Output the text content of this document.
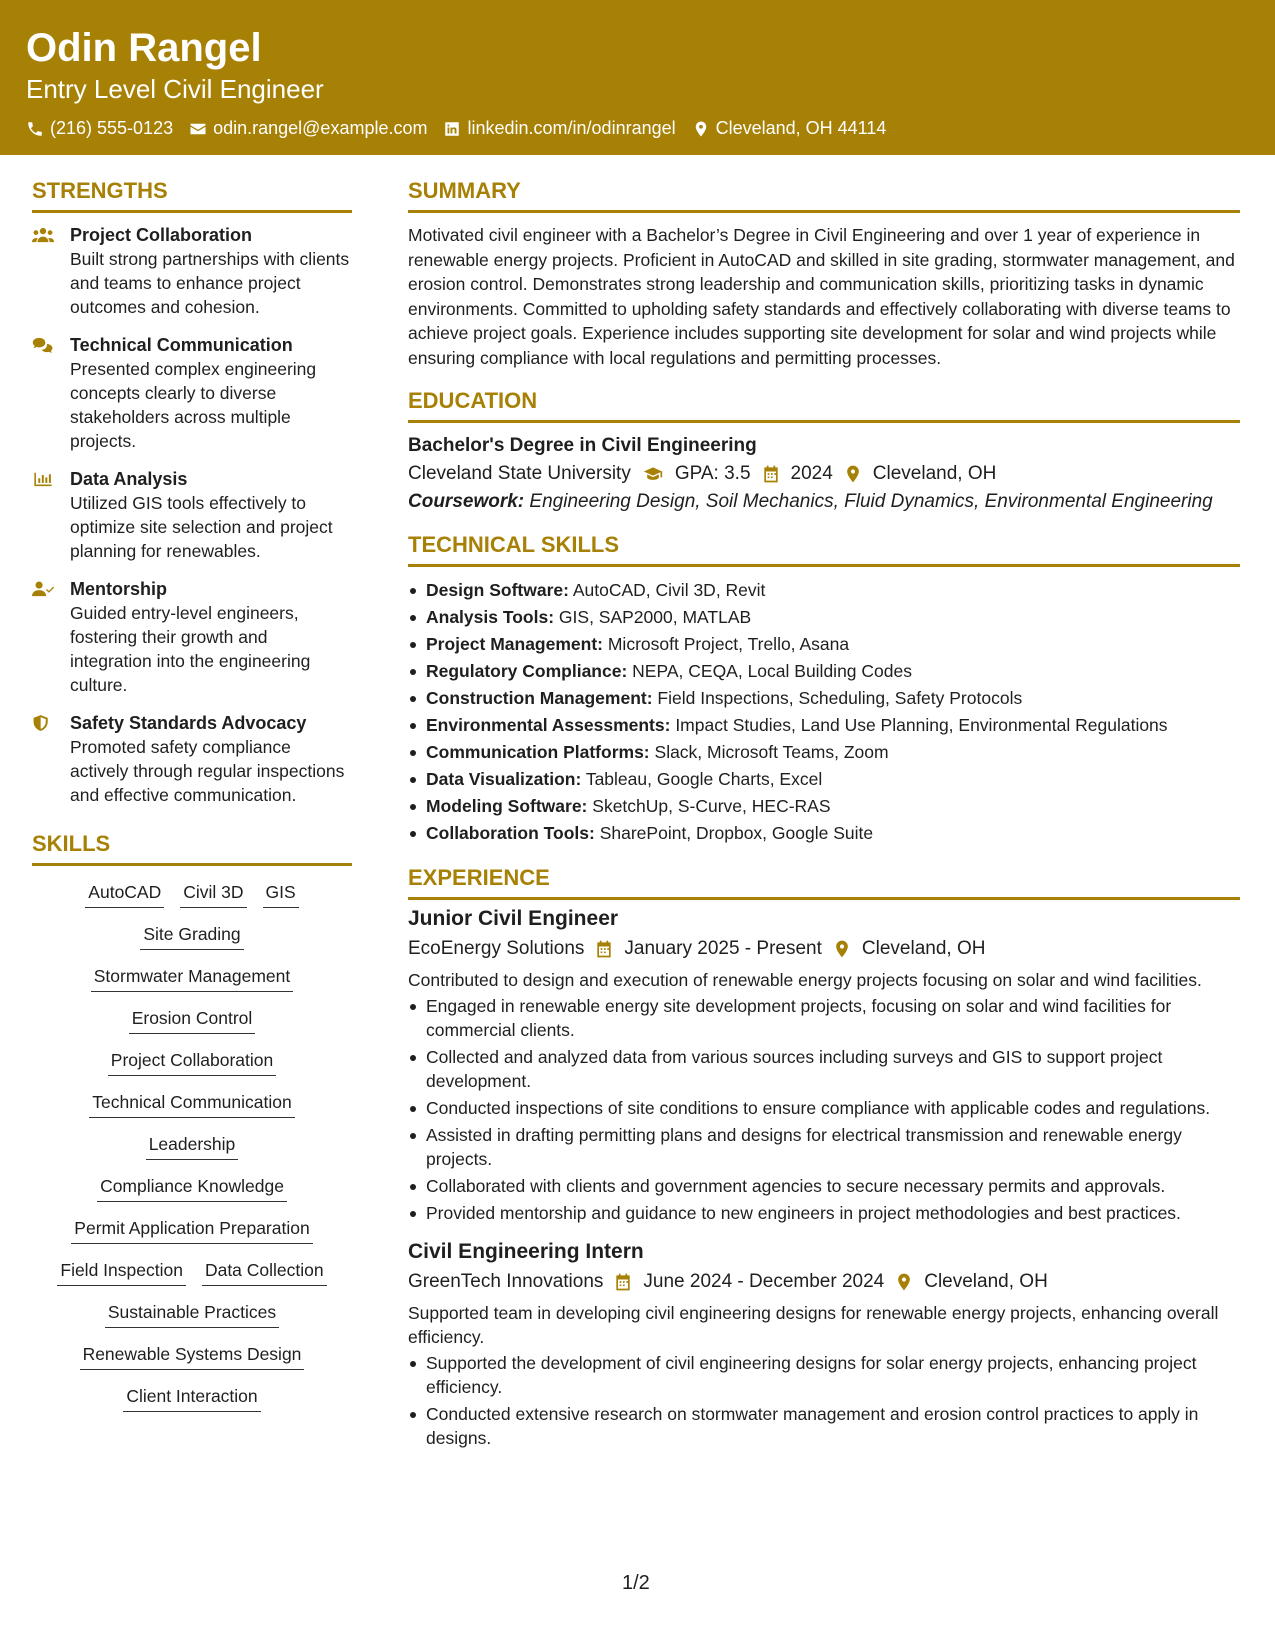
Odin Rangel
Entry Level Civil Engineer
(216) 555-0123 odin.rangel@example.com linkedin.com/in/odinrangel Cleveland, OH 44114
STRENGTHS
Project Collaboration
Built strong partnerships with clients and teams to enhance project outcomes and cohesion.
Technical Communication
Presented complex engineering concepts clearly to diverse stakeholders across multiple projects.
Data Analysis
Utilized GIS tools effectively to optimize site selection and project planning for renewables.
Mentorship
Guided entry-level engineers, fostering their growth and integration into the engineering culture.
Safety Standards Advocacy
Promoted safety compliance actively through regular inspections and effective communication.
SKILLS
AutoCAD Civil 3D GIS
Site Grading
Stormwater Management
Erosion Control
Project Collaboration
Technical Communication
Leadership
Compliance Knowledge
Permit Application Preparation
Field Inspection Data Collection
Sustainable Practices
Renewable Systems Design
Client Interaction
SUMMARY
Motivated civil engineer with a Bachelor’s Degree in Civil Engineering and over 1 year of experience in renewable energy projects. Proficient in AutoCAD and skilled in site grading, stormwater management, and erosion control. Demonstrates strong leadership and communication skills, prioritizing tasks in dynamic environments. Committed to upholding safety standards and effectively collaborating with diverse teams to achieve project goals. Experience includes supporting site development for solar and wind projects while ensuring compliance with local regulations and permitting processes.
EDUCATION
Bachelor's Degree in Civil Engineering
Cleveland State University GPA: 3.5 2024 Cleveland, OH
Coursework: Engineering Design, Soil Mechanics, Fluid Dynamics, Environmental Engineering
TECHNICAL SKILLS
Design Software: AutoCAD, Civil 3D, Revit
Analysis Tools: GIS, SAP2000, MATLAB
Project Management: Microsoft Project, Trello, Asana
Regulatory Compliance: NEPA, CEQA, Local Building Codes
Construction Management: Field Inspections, Scheduling, Safety Protocols
Environmental Assessments: Impact Studies, Land Use Planning, Environmental Regulations
Communication Platforms: Slack, Microsoft Teams, Zoom
Data Visualization: Tableau, Google Charts, Excel
Modeling Software: SketchUp, S-Curve, HEC-RAS
Collaboration Tools: SharePoint, Dropbox, Google Suite
EXPERIENCE
Junior Civil Engineer
EcoEnergy Solutions January 2025 - Present Cleveland, OH
Contributed to design and execution of renewable energy projects focusing on solar and wind facilities.
Engaged in renewable energy site development projects, focusing on solar and wind facilities for commercial clients.
Collected and analyzed data from various sources including surveys and GIS to support project development.
Conducted inspections of site conditions to ensure compliance with applicable codes and regulations.
Assisted in drafting permitting plans and designs for electrical transmission and renewable energy projects.
Collaborated with clients and government agencies to secure necessary permits and approvals.
Provided mentorship and guidance to new engineers in project methodologies and best practices.
Civil Engineering Intern
GreenTech Innovations June 2024 - December 2024 Cleveland, OH
Supported team in developing civil engineering designs for renewable energy projects, enhancing overall efficiency.
Supported the development of civil engineering designs for solar energy projects, enhancing project efficiency.
Conducted extensive research on stormwater management and erosion control practices to apply in designs.
1/2
